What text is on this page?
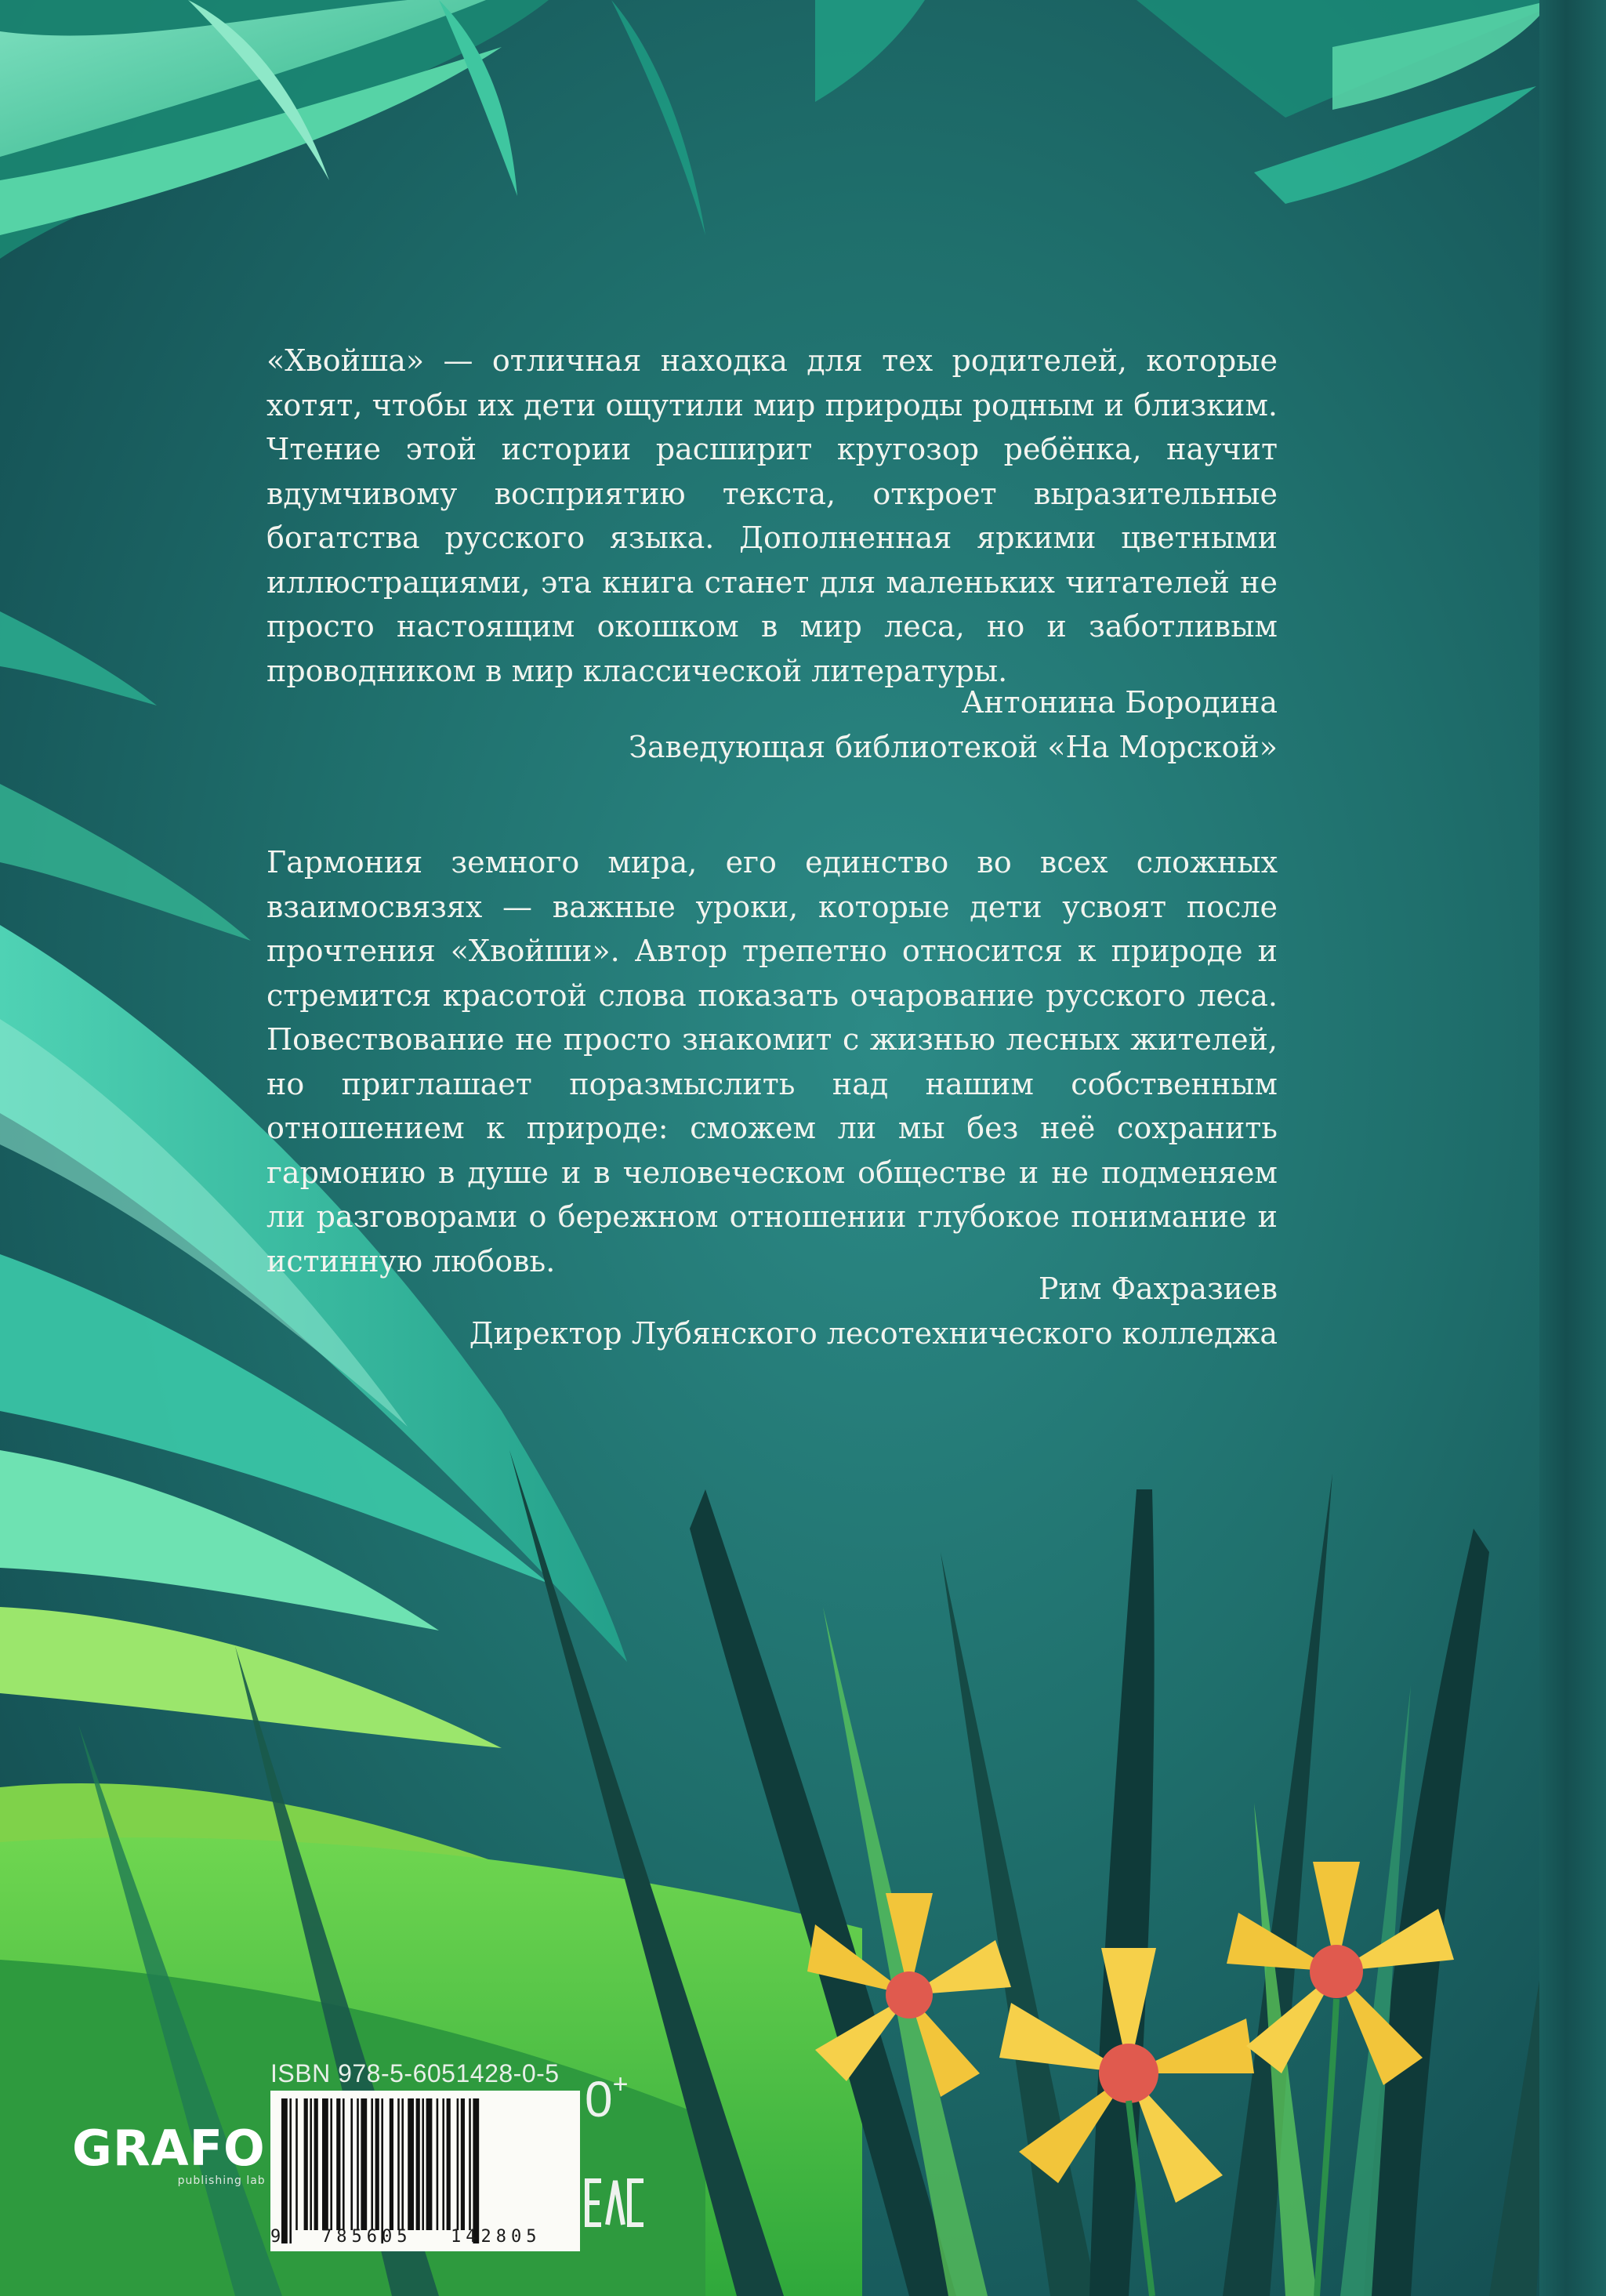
«Хвойша» — отличная находка для тех родителей, которые хотят, чтобы их дети ощутили мир природы родным и близким. Чтение этой истории расширит кругозор ребёнка, научит вдумчивому восприятию текста, откроет выразительные богатства русского языка. Дополненная яркими цветными иллюстрациями, эта книга станет для маленьких читателей не просто настоящим окошком в мир леса, но и заботливым проводником в мир классической литературы.

Антонина Бородина

Заведующая библиотекой «На Морской»

Гармония земного мира, его единство во всех сложных взаимосвязях — важные уроки, которые дети усвоят после прочтения «Хвойши». Автор трепетно относится к природе и стремится красотой слова показать очарование русского леса. Повествование не просто знакомит с жизнью лесных жителей, но приглашает поразмыслить над нашим собственным отношением к природе: сможем ли мы без неё сохранить гармонию в душе и в человеческом обществе и не подменяем ли разговорами о бережном отношении глубокое понимание и истинную любовь.

Рим Фахразиев

Директор Лубянского лесотехнического колледжа

ISBN 978-5-6051428-0-5
9 785605 142805
0+
GRAFO
publishing lab
